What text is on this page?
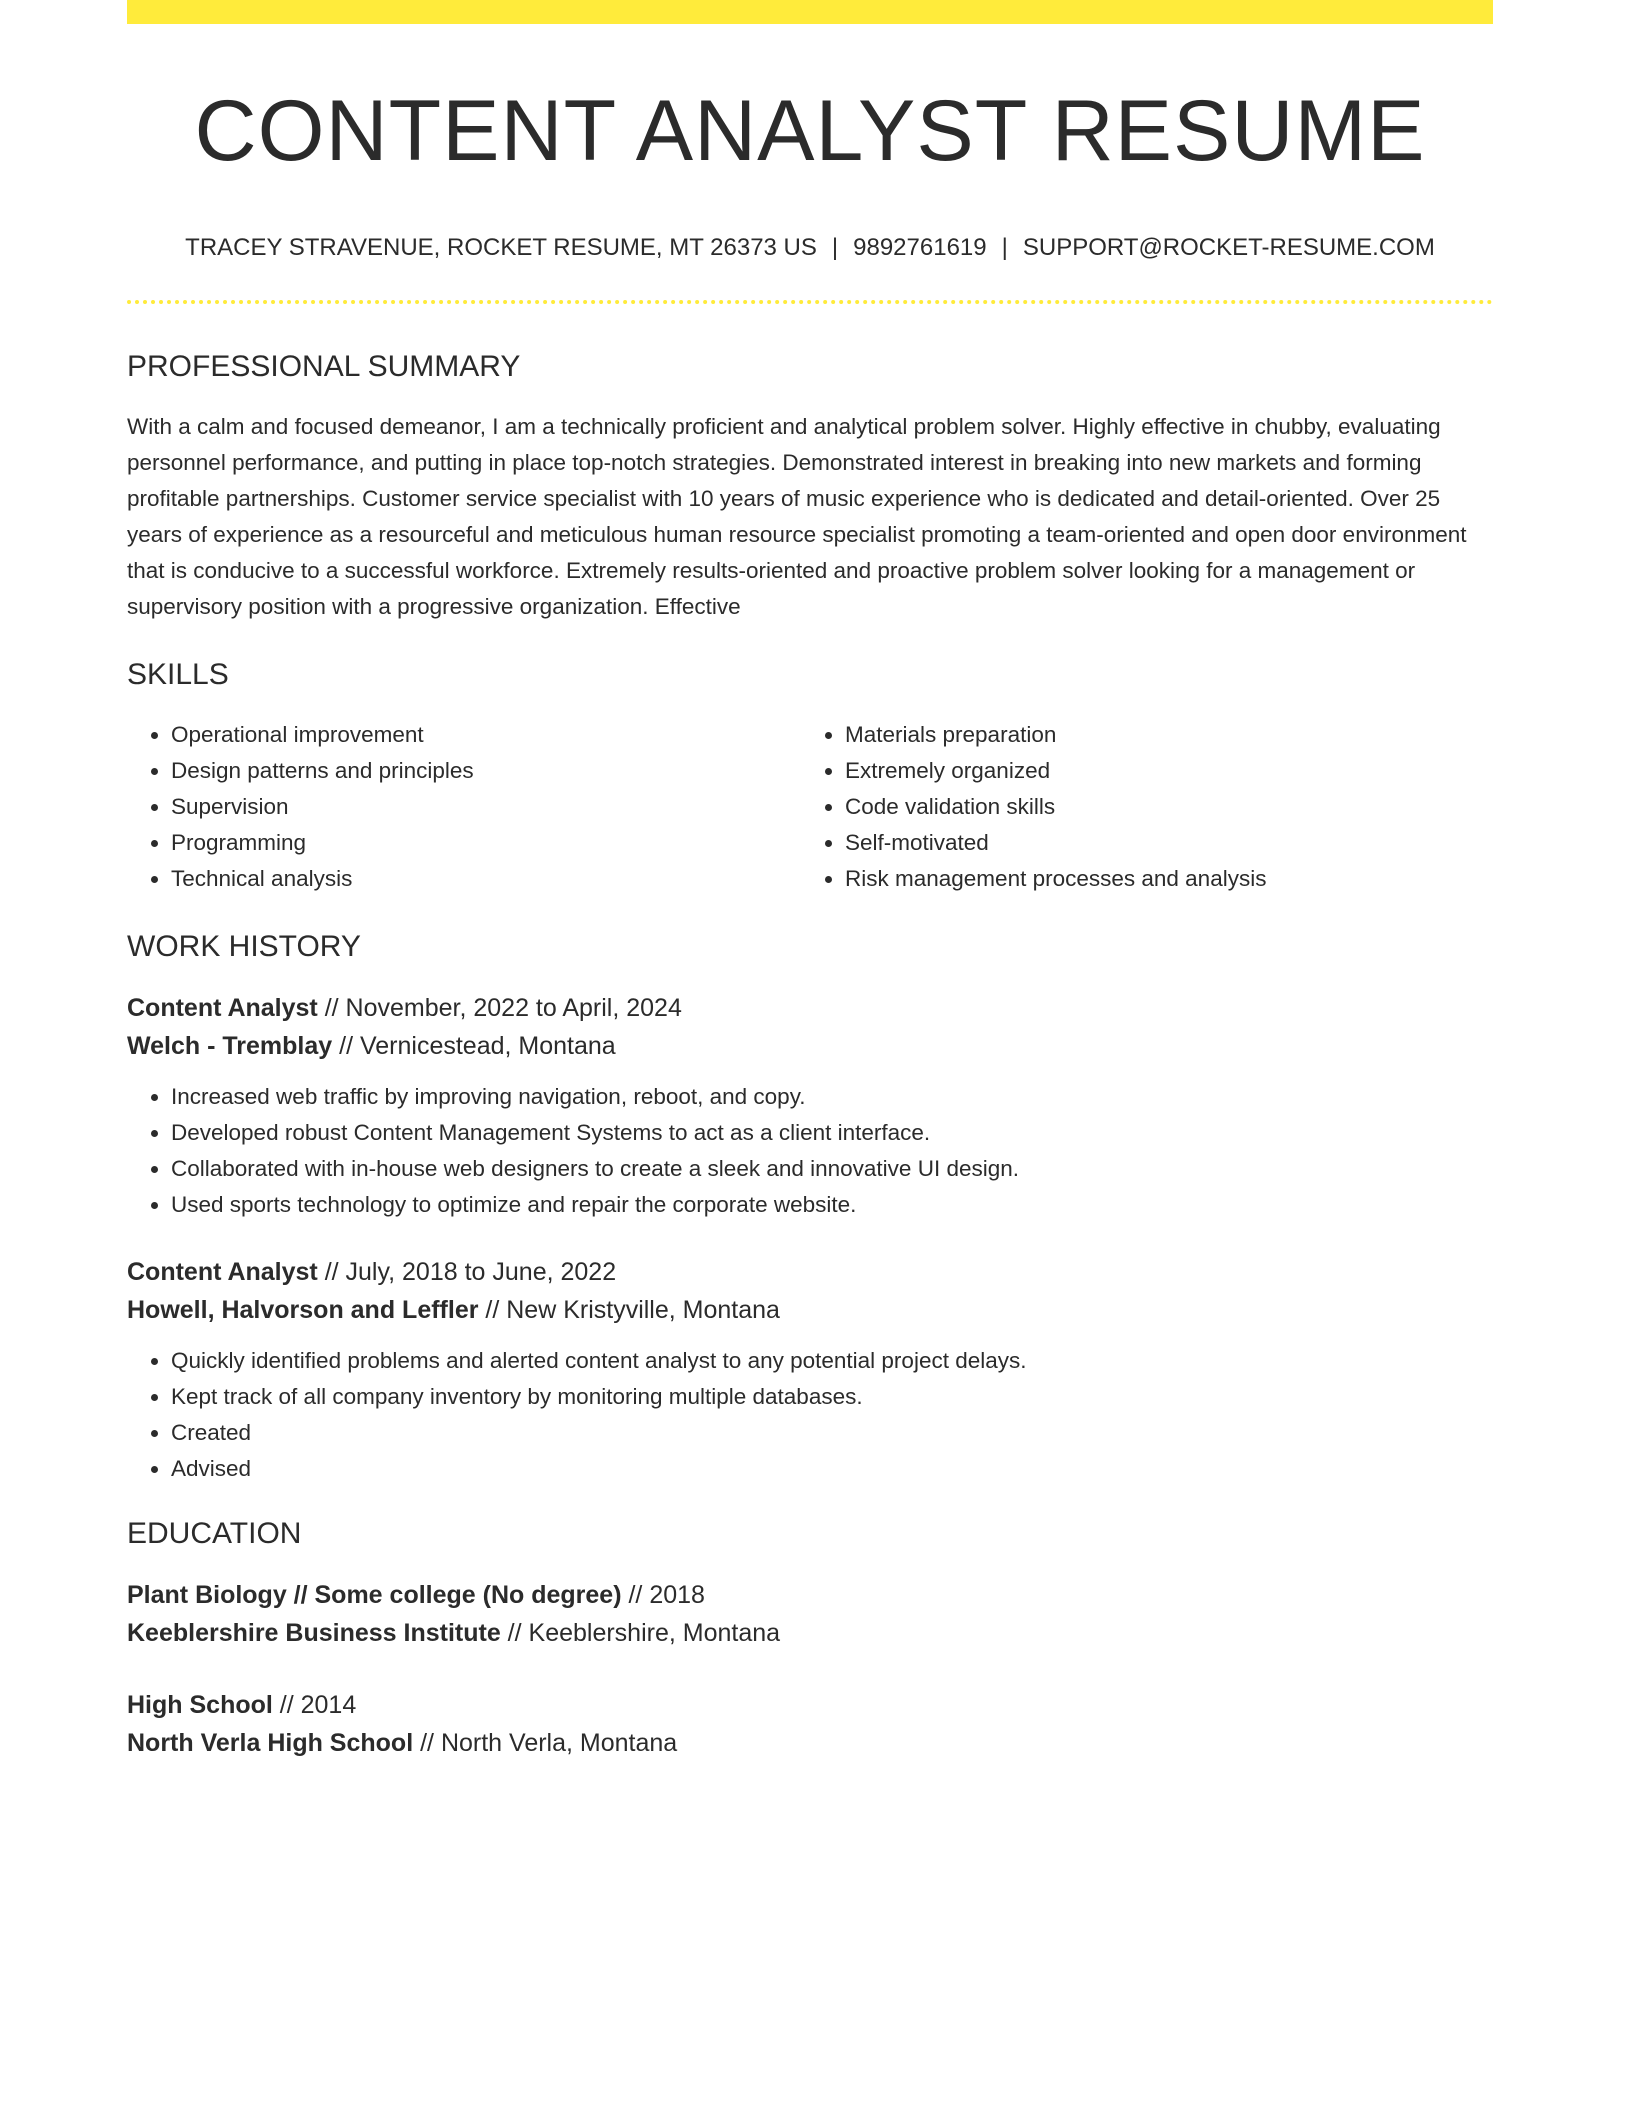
CONTENT ANALYST RESUME
TRACEY STRAVENUE, ROCKET RESUME, MT 26373 US | 9892761619 | SUPPORT@ROCKET-RESUME.COM
PROFESSIONAL SUMMARY
With a calm and focused demeanor, I am a technically proficient and analytical problem solver. Highly effective in chubby, evaluating personnel performance, and putting in place top-notch strategies. Demonstrated interest in breaking into new markets and forming profitable partnerships. Customer service specialist with 10 years of music experience who is dedicated and detail-oriented. Over 25 years of experience as a resourceful and meticulous human resource specialist promoting a team-oriented and open door environment that is conducive to a successful workforce. Extremely results-oriented and proactive problem solver looking for a management or supervisory position with a progressive organization. Effective
SKILLS
• Operational improvement
• Design patterns and principles
• Supervision
• Programming
• Technical analysis
• Materials preparation
• Extremely organized
• Code validation skills
• Self-motivated
• Risk management processes and analysis
WORK HISTORY
Content Analyst // November, 2022 to April, 2024
Welch - Tremblay // Vernicestead, Montana
• Increased web traffic by improving navigation, reboot, and copy.
• Developed robust Content Management Systems to act as a client interface.
• Collaborated with in-house web designers to create a sleek and innovative UI design.
• Used sports technology to optimize and repair the corporate website.
Content Analyst // July, 2018 to June, 2022
Howell, Halvorson and Leffler // New Kristyville, Montana
• Quickly identified problems and alerted content analyst to any potential project delays.
• Kept track of all company inventory by monitoring multiple databases.
• Created
• Advised
EDUCATION
Plant Biology // Some college (No degree) // 2018
Keeblershire Business Institute // Keeblershire, Montana
High School // 2014
North Verla High School // North Verla, Montana
